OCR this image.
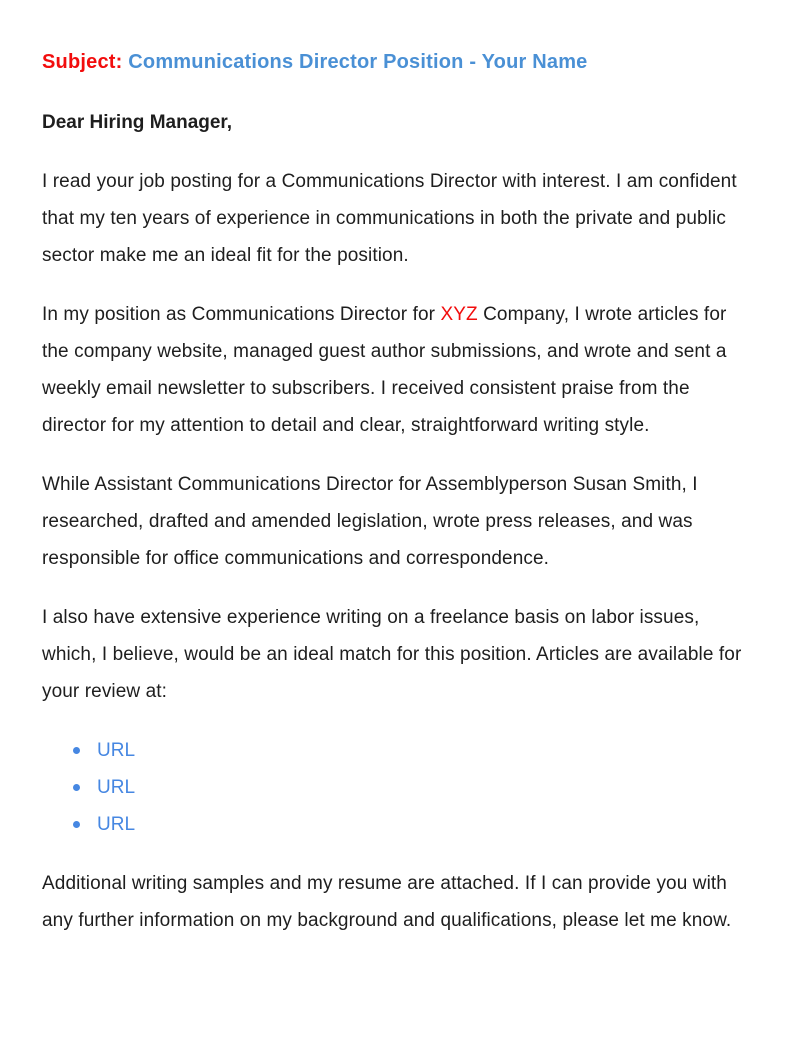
Subject: Communications Director Position - Your Name
Dear Hiring Manager,

I read your job posting for a Communications Director with interest. I am confident that my ten years of experience in communications in both the private and public sector make me an ideal fit for the position.

In my position as Communications Director for XYZ Company, I wrote articles for the company website, managed guest author submissions, and wrote and sent a weekly email newsletter to subscribers. I received consistent praise from the director for my attention to detail and clear, straightforward writing style.

While Assistant Communications Director for Assemblyperson Susan Smith, I researched, drafted and amended legislation, wrote press releases, and was responsible for office communications and correspondence.

I also have extensive experience writing on a freelance basis on labor issues, which, I believe, would be an ideal match for this position. Articles are available for your review at:

URL
URL
URL

Additional writing samples and my resume are attached. If I can provide you with any further information on my background and qualifications, please let me know.
